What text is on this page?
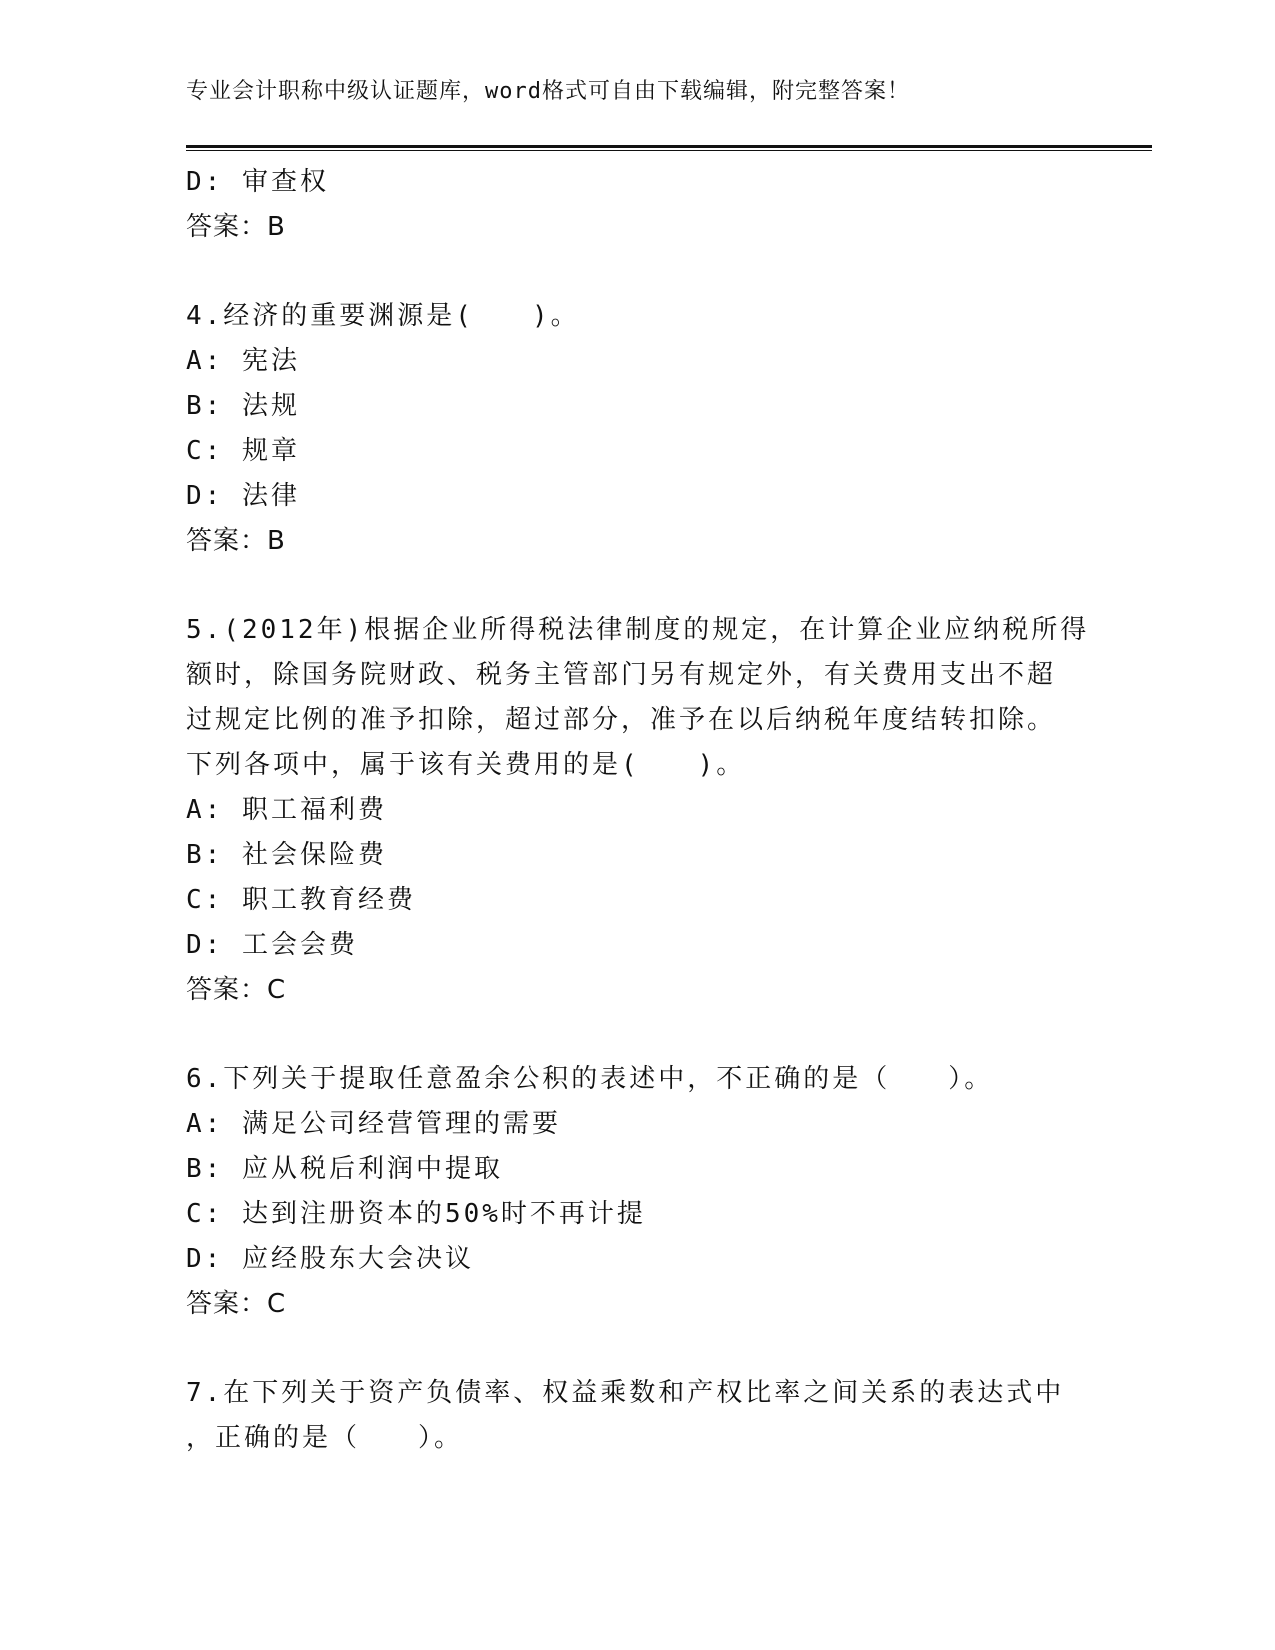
专业会计职称中级认证题库，word格式可自由下载编辑，附完整答案！
D: 审查权
答案：B
4.经济的重要渊源是(　　)。
A: 宪法
B: 法规
C: 规章
D: 法律
答案：B
5.(2012年)根据企业所得税法律制度的规定，在计算企业应纳税所得
额时，除国务院财政、税务主管部门另有规定外，有关费用支出不超
过规定比例的准予扣除，超过部分，准予在以后纳税年度结转扣除。
下列各项中，属于该有关费用的是(　　)。
A: 职工福利费
B: 社会保险费
C: 职工教育经费
D: 工会会费
答案：C
6.下列关于提取任意盈余公积的表述中，不正确的是（　　）。
A: 满足公司经营管理的需要
B: 应从税后利润中提取
C: 达到注册资本的50%时不再计提
D: 应经股东大会决议
答案：C
7.在下列关于资产负债率、权益乘数和产权比率之间关系的表达式中
，正确的是（　　）。
